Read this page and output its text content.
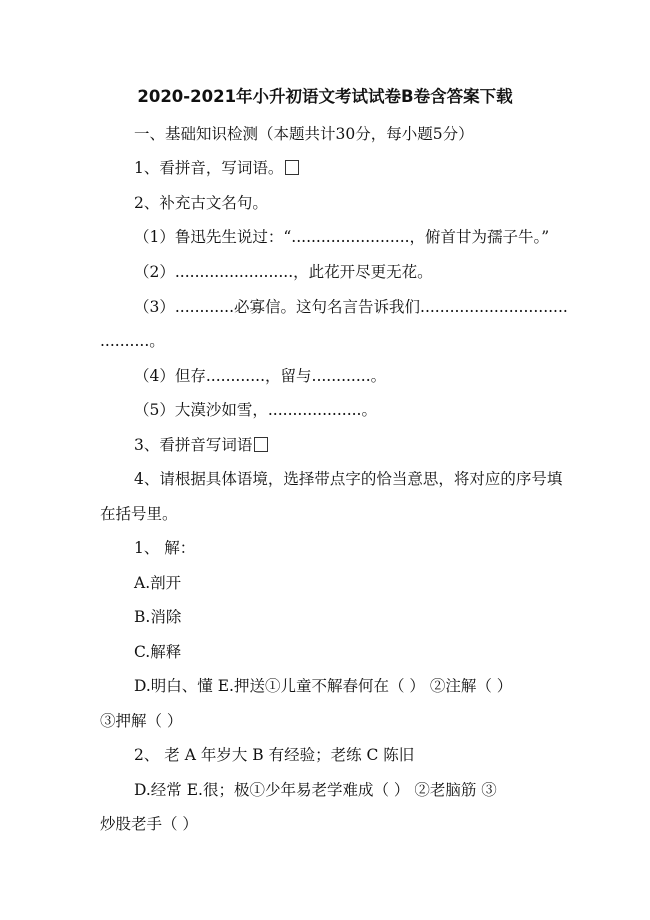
2020-2021年小升初语文考试试卷B卷含答案下载
一、基础知识检测（本题共计30分，每小题5分）
1、看拼音，写词语。
2、补充古文名句。
（1）鲁迅先生说过：“........................，俯首甘为孺子牛。”
（2）........................，此花开尽更无花。
（3）............必寡信。这句名言告诉我们..............................
..........。
（4）但存............，留与............。
（5）大漠沙如雪，...................。
3、看拼音写词语
4、请根据具体语境，选择带点字的恰当意思，将对应的序号填
在括号里。
1、 解：
A.剖开
B.消除
C.解释
D.明白、懂 E.押送①儿童不解春何在（ ） ②注解（ ）
③押解（ ）
2、 老 A 年岁大 B 有经验；老练 C 陈旧
D.经常 E.很；极①少年易老学难成（ ） ②老脑筋 ③
炒股老手（ ）
